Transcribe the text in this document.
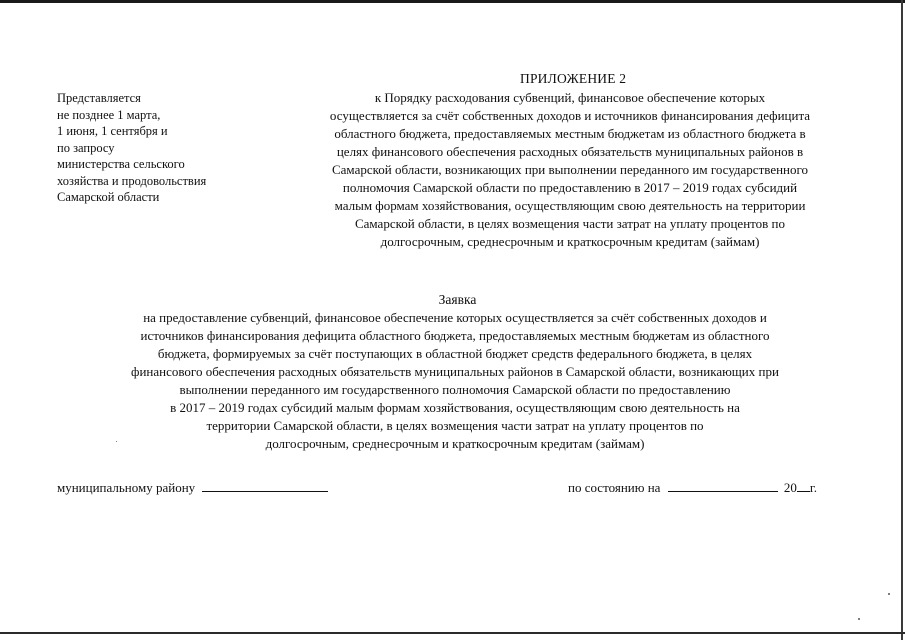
Представляется
не позднее 1 марта,
1 июня, 1 сентября и
по запросу
министерства сельского
хозяйства и продовольствия
Самарской области
ПРИЛОЖЕНИЕ 2
к Порядку расходования субвенций, финансовое обеспечение которых
осуществляется за счёт собственных доходов и источников финансирования дефицита
областного бюджета, предоставляемых местным бюджетам из областного бюджета в
целях финансового обеспечения расходных обязательств муниципальных районов в
Самарской области, возникающих при выполнении переданного им государственного
полномочия Самарской области по предоставлению в 2017 – 2019 годах субсидий
малым формам хозяйствования, осуществляющим свою деятельность на территории
Самарской области, в целях возмещения части затрат на уплату процентов по
долгосрочным, среднесрочным и краткосрочным кредитам (займам)
Заявка
на предоставление субвенций, финансовое обеспечение которых осуществляется за счёт собственных доходов и
источников финансирования дефицита областного бюджета, предоставляемых местным бюджетам из областного
бюджета, формируемых за счёт поступающих в областной бюджет средств федерального бюджета, в целях
финансового обеспечения расходных обязательств муниципальных районов в Самарской области, возникающих при
выполнении переданного им государственного полномочия Самарской области по предоставлению
в 2017 – 2019 годах субсидий малым формам хозяйствования, осуществляющим свою деятельность на
территории Самарской области, в целях возмещения части затрат на уплату процентов по
долгосрочным, среднесрочным и краткосрочным кредитам (займам)
муниципальному району	по состоянию на	20 г.
